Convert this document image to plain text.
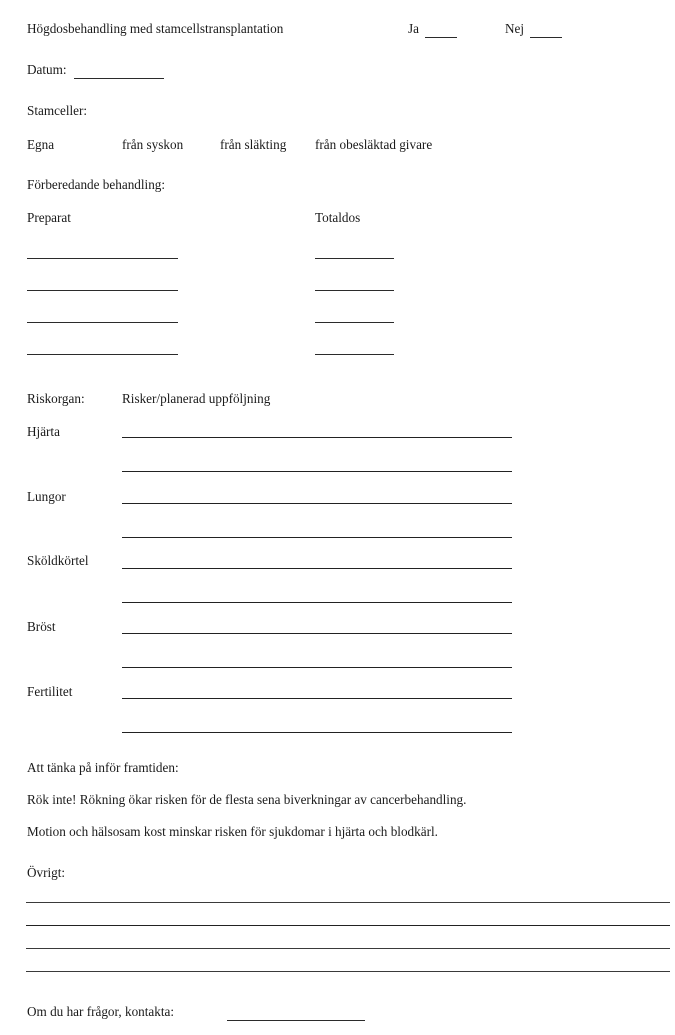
Högdosbehandling med stamcellstransplantation	Ja	Nej
Datum:
Stamceller:
Egna	från syskon	från släkting från obesläktad givare
Förberedande behandling:
Preparat	Totaldos
Riskorgan:	Risker/planerad uppföljning
Hjärta
Lungor
Sköldkörtel
Bröst
Fertilitet
Att tänka på inför framtiden:
Rök inte! Rökning ökar risken för de flesta sena biverkningar av cancerbehandling.
Motion och hälsosam kost minskar risken för sjukdomar i hjärta och blodkärl.
Övrigt:
Om du har frågor, kontakta:
